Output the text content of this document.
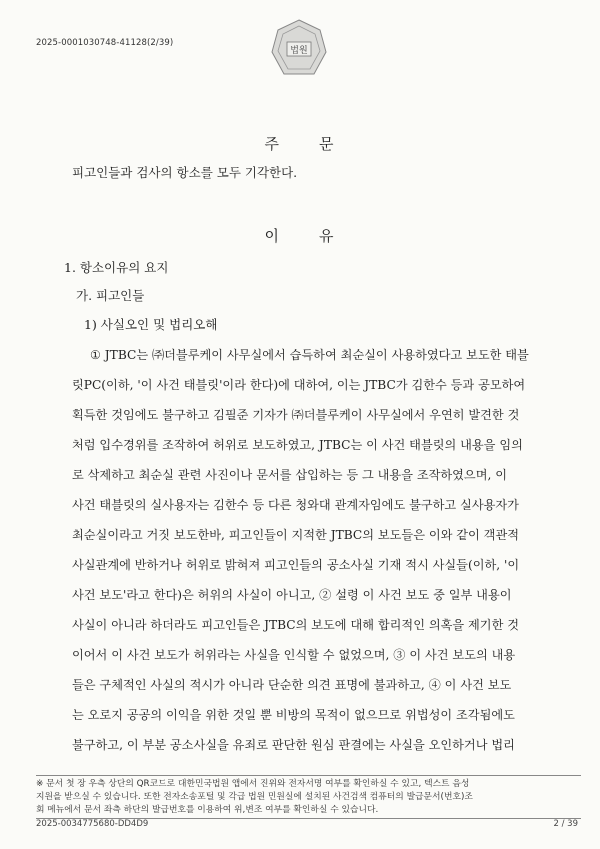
2025-0001030748-41128(2/39)
법원
주	문
피고인들과 검사의 항소를 모두 기각한다.
이	유
1. 항소이유의 요지
가. 피고인들
1) 사실오인 및 법리오해
① JTBC는 ㈜더블루케이 사무실에서 습득하여 최순실이 사용하였다고 보도한 태블
릿PC(이하, '이 사건 태블릿'이라 한다)에 대하여, 이는 JTBC가 김한수 등과 공모하여
획득한 것임에도 불구하고 김필준 기자가 ㈜더블루케이 사무실에서 우연히 발견한 것
처럼 입수경위를 조작하여 허위로 보도하였고, JTBC는 이 사건 태블릿의 내용을 임의
로 삭제하고 최순실 관련 사진이나 문서를 삽입하는 등 그 내용을 조작하였으며, 이
사건 태블릿의 실사용자는 김한수 등 다른 청와대 관계자임에도 불구하고 실사용자가
최순실이라고 거짓 보도한바, 피고인들이 지적한 JTBC의 보도들은 이와 같이 객관적
사실관계에 반하거나 허위로 밝혀져 피고인들의 공소사실 기재 적시 사실들(이하, '이
사건 보도'라고 한다)은 허위의 사실이 아니고, ② 설령 이 사건 보도 중 일부 내용이
사실이 아니라 하더라도 피고인들은 JTBC의 보도에 대해 합리적인 의혹을 제기한 것
이어서 이 사건 보도가 허위라는 사실을 인식할 수 없었으며, ③ 이 사건 보도의 내용
들은 구체적인 사실의 적시가 아니라 단순한 의견 표명에 불과하고, ④ 이 사건 보도
는 오로지 공공의 이익을 위한 것일 뿐 비방의 목적이 없으므로 위법성이 조각됨에도
불구하고, 이 부분 공소사실을 유죄로 판단한 원심 판결에는 사실을 오인하거나 법리
※ 문서 첫 장 우측 상단의 QR코드로 대한민국법원 앱에서 진위와 전자서명 여부를 확인하실 수 있고, 텍스트 음성
지원을 받으실 수 있습니다. 또한 전자소송포털 및 각급 법원 민원실에 설치된 사건검색 컴퓨터의 발급문서(번호)조
회 메뉴에서 문서 좌측 하단의 발급번호를 이용하여 위,변조 여부를 확인하실 수 있습니다.
2025-0034775680-DD4D9	2 / 39
